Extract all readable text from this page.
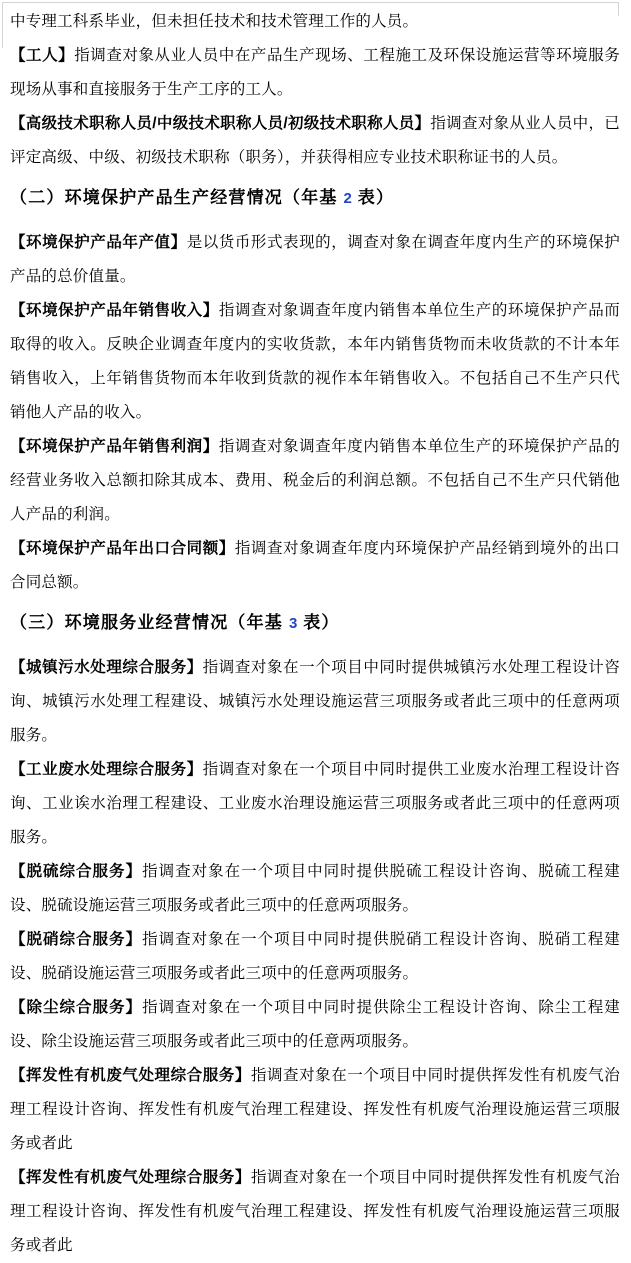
中专理工科系毕业，但未担任技术和技术管理工作的人员。

【工人】指调查对象从业人员中在产品生产现场、工程施工及环保设施运营等环境服务现场从事和直接服务于生产工序的工人。

【高级技术职称人员/中级技术职称人员/初级技术职称人员】指调查对象从业人员中，已评定高级、中级、初级技术职称（职务），并获得相应专业技术职称证书的人员。

（二）环境保护产品生产经营情况（年基 2 表）

【环境保护产品年产值】是以货币形式表现的，调查对象在调查年度内生产的环境保护产品的总价值量。

【环境保护产品年销售收入】指调查对象调查年度内销售本单位生产的环境保护产品而取得的收入。反映企业调查年度内的实收货款，本年内销售货物而未收货款的不计本年销售收入，上年销售货物而本年收到货款的视作本年销售收入。不包括自己不生产只代销他人产品的收入。

【环境保护产品年销售利润】指调查对象调查年度内销售本单位生产的环境保护产品的经营业务收入总额扣除其成本、费用、税金后的利润总额。不包括自己不生产只代销他人产品的利润。

【环境保护产品年出口合同额】指调查对象调查年度内环境保护产品经销到境外的出口合同总额。

（三）环境服务业经营情况（年基 3 表）

【城镇污水处理综合服务】指调查对象在一个项目中同时提供城镇污水处理工程设计咨询、城镇污水处理工程建设、城镇污水处理设施运营三项服务或者此三项中的任意两项服务。

【工业废水处理综合服务】指调查对象在一个项目中同时提供工业废水治理工程设计咨询、工业诶水治理工程建设、工业废水治理设施运营三项服务或者此三项中的任意两项服务。

【脱硫综合服务】指调查对象在一个项目中同时提供脱硫工程设计咨询、脱硫工程建设、脱硫设施运营三项服务或者此三项中的任意两项服务。

【脱硝综合服务】指调查对象在一个项目中同时提供脱硝工程设计咨询、脱硝工程建设、脱硝设施运营三项服务或者此三项中的任意两项服务。

【除尘综合服务】指调查对象在一个项目中同时提供除尘工程设计咨询、除尘工程建设、除尘设施运营三项服务或者此三项中的任意两项服务。

【挥发性有机废气处理综合服务】指调查对象在一个项目中同时提供挥发性有机废气治理工程设计咨询、挥发性有机废气治理工程建设、挥发性有机废气治理设施运营三项服务或者此

【挥发性有机废气处理综合服务】指调查对象在一个项目中同时提供挥发性有机废气治理工程设计咨询、挥发性有机废气治理工程建设、挥发性有机废气治理设施运营三项服务或者此
